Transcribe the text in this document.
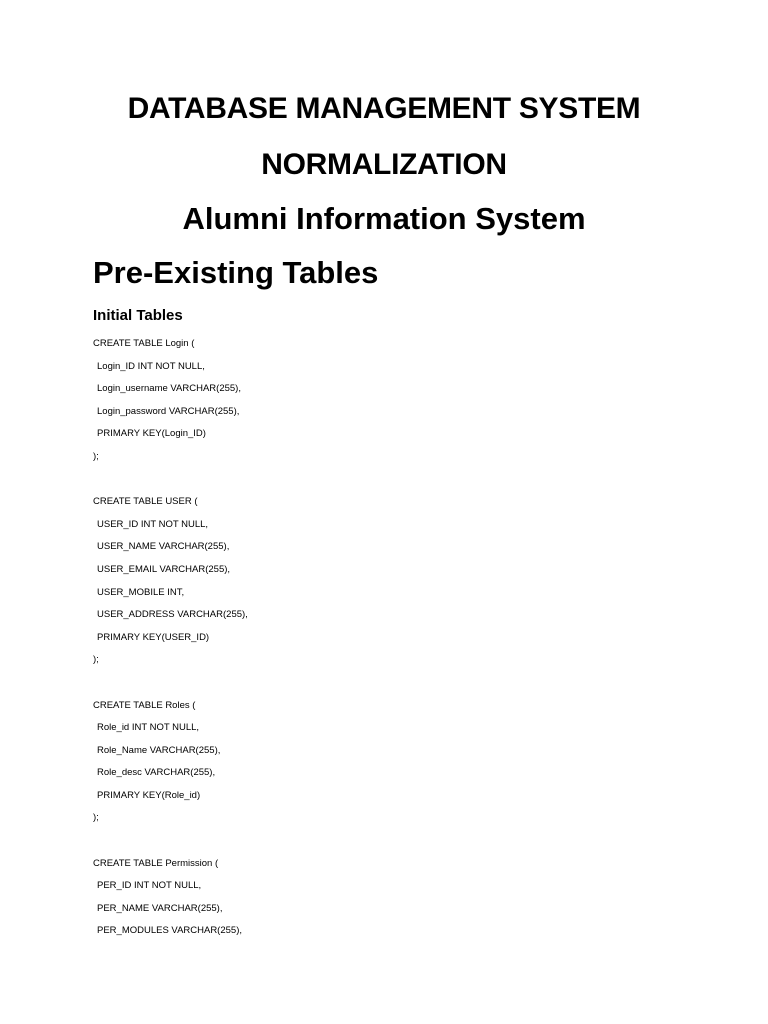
DATABASE MANAGEMENT SYSTEM
NORMALIZATION
Alumni Information System
Pre-Existing Tables
Initial Tables
CREATE TABLE Login (
Login_ID INT NOT NULL,
Login_username VARCHAR(255),
Login_password VARCHAR(255),
PRIMARY KEY(Login_ID)
);
CREATE TABLE USER (
USER_ID INT NOT NULL,
USER_NAME VARCHAR(255),
USER_EMAIL VARCHAR(255),
USER_MOBILE INT,
USER_ADDRESS VARCHAR(255),
PRIMARY KEY(USER_ID)
);
CREATE TABLE Roles (
Role_id INT NOT NULL,
Role_Name VARCHAR(255),
Role_desc VARCHAR(255),
PRIMARY KEY(Role_id)
);
CREATE TABLE Permission (
PER_ID INT NOT NULL,
PER_NAME VARCHAR(255),
PER_MODULES VARCHAR(255),
